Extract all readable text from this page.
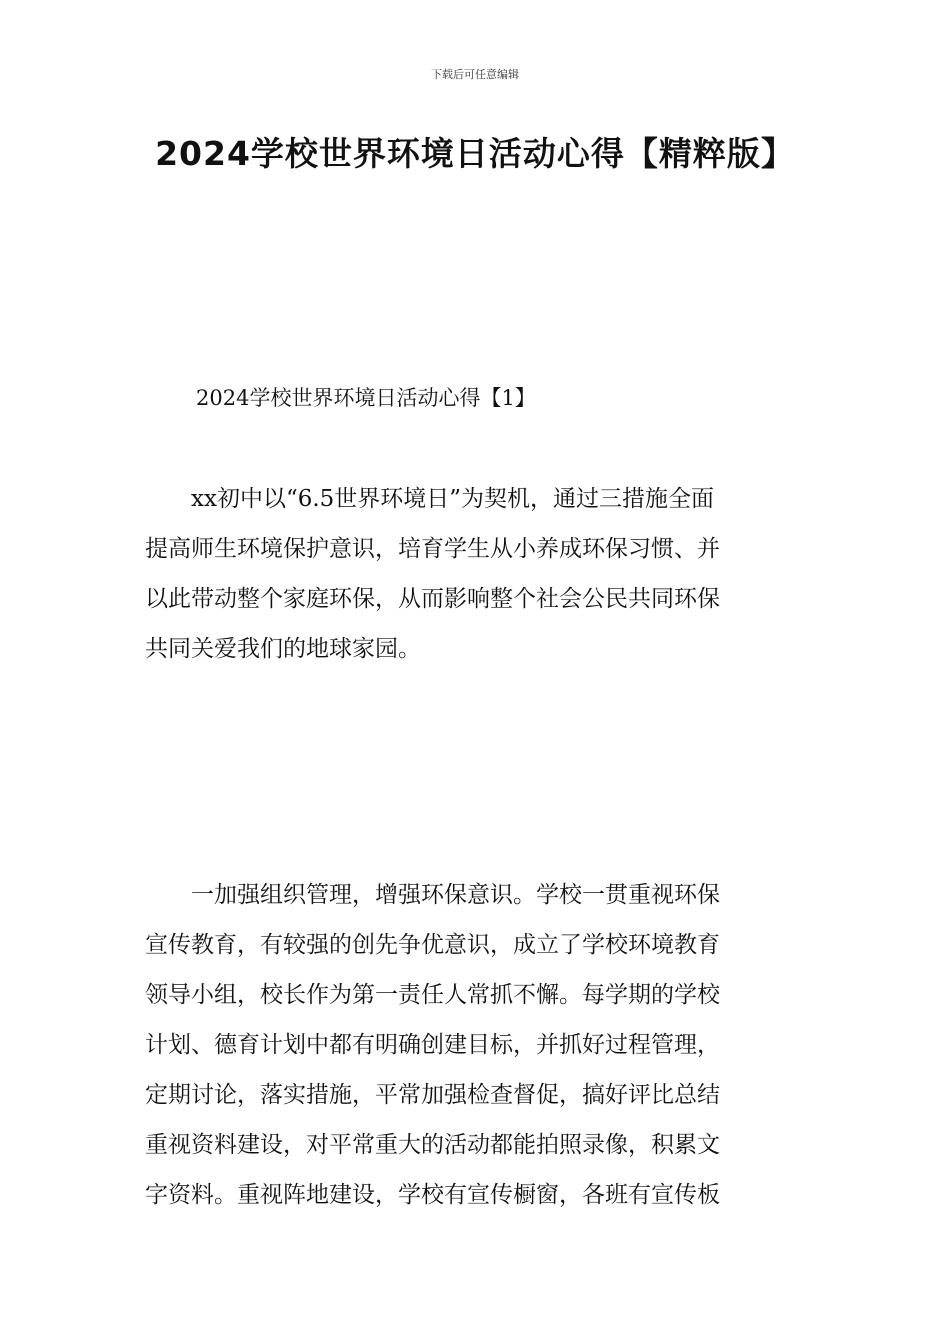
下载后可任意编辑
2024学校世界环境日活动心得【精粹版】
2024学校世界环境日活动心得【1】
　　xx初中以“6.5世界环境日”为契机，通过三措施全面
提高师生环境保护意识，培育学生从小养成环保习惯、并
以此带动整个家庭环保，从而影响整个社会公民共同环保
共同关爱我们的地球家园。
　　一加强组织管理，增强环保意识。学校一贯重视环保
宣传教育，有较强的创先争优意识，成立了学校环境教育
领导小组，校长作为第一责任人常抓不懈。每学期的学校
计划、德育计划中都有明确创建目标，并抓好过程管理，
定期讨论，落实措施，平常加强检查督促，搞好评比总结
重视资料建设，对平常重大的活动都能拍照录像，积累文
字资料。重视阵地建设，学校有宣传橱窗，各班有宣传板
